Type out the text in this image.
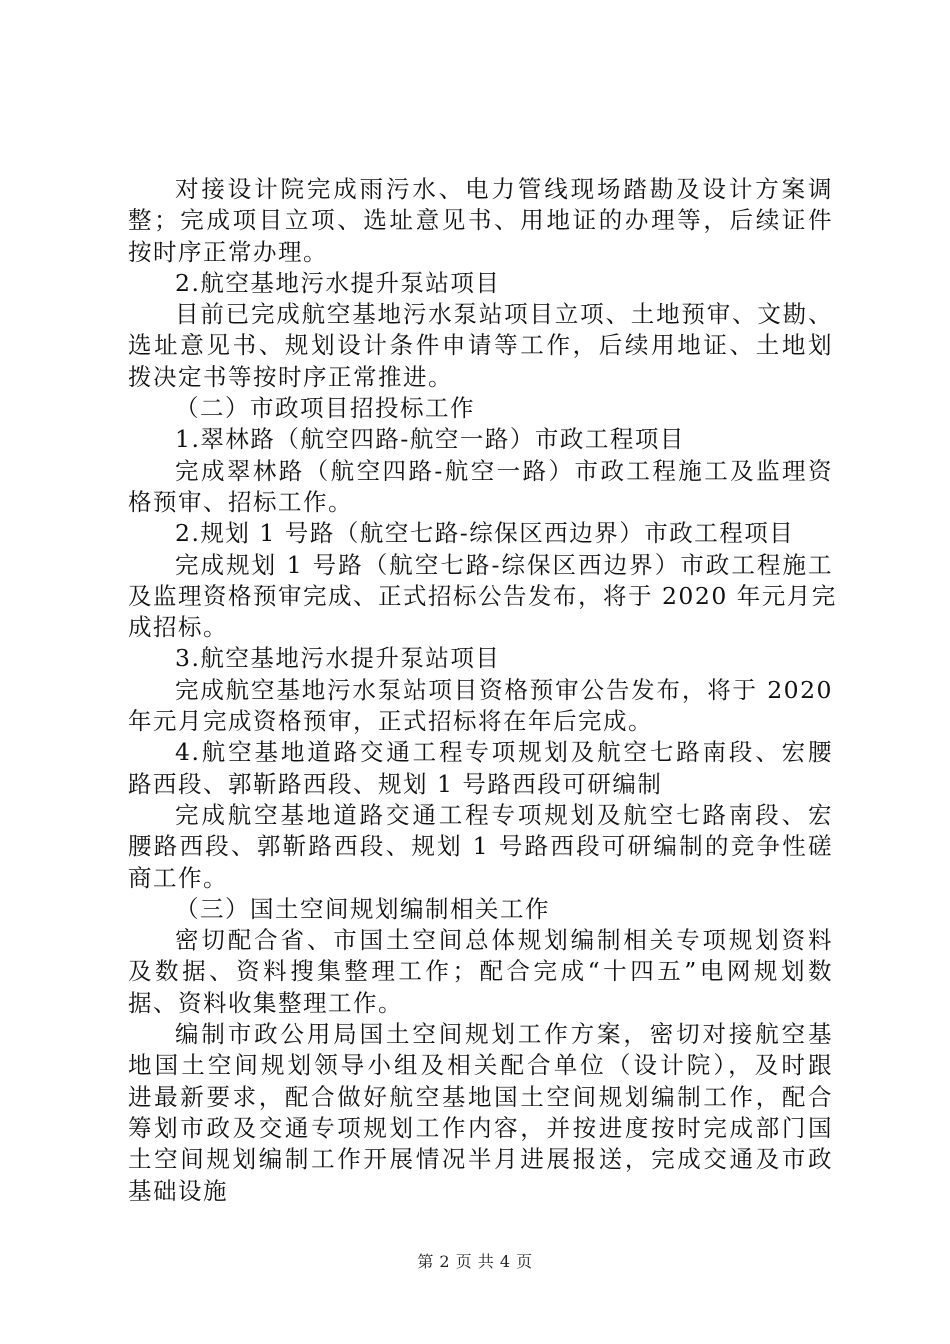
对接设计院完成雨污水、电力管线现场踏勘及设计方案调
整；完成项目立项、选址意见书、用地证的办理等，后续证件
按时序正常办理。
2.航空基地污水提升泵站项目
目前已完成航空基地污水泵站项目立项、土地预审、文勘、
选址意见书、规划设计条件申请等工作，后续用地证、土地划
拨决定书等按时序正常推进。
（二）市政项目招投标工作
1.翠林路（航空四路-航空一路）市政工程项目
完成翠林路（航空四路-航空一路）市政工程施工及监理资
格预审、招标工作。
2.规划 1 号路（航空七路-综保区西边界）市政工程项目
完成规划 1 号路（航空七路-综保区西边界）市政工程施工
及监理资格预审完成、正式招标公告发布，将于 2020 年元月完
成招标。
3.航空基地污水提升泵站项目
完成航空基地污水泵站项目资格预审公告发布，将于 2020
年元月完成资格预审，正式招标将在年后完成。
4.航空基地道路交通工程专项规划及航空七路南段、宏腰
路西段、郭靳路西段、规划 1 号路西段可研编制
完成航空基地道路交通工程专项规划及航空七路南段、宏
腰路西段、郭靳路西段、规划 1 号路西段可研编制的竞争性磋
商工作。
（三）国土空间规划编制相关工作
密切配合省、市国土空间总体规划编制相关专项规划资料
及数据、资料搜集整理工作；配合完成“十四五”电网规划数
据、资料收集整理工作。
编制市政公用局国土空间规划工作方案，密切对接航空基
地国土空间规划领导小组及相关配合单位（设计院），及时跟
进最新要求，配合做好航空基地国土空间规划编制工作，配合
筹划市政及交通专项规划工作内容，并按进度按时完成部门国
土空间规划编制工作开展情况半月进展报送，完成交通及市政
基础设施
第 2 页 共 4 页
